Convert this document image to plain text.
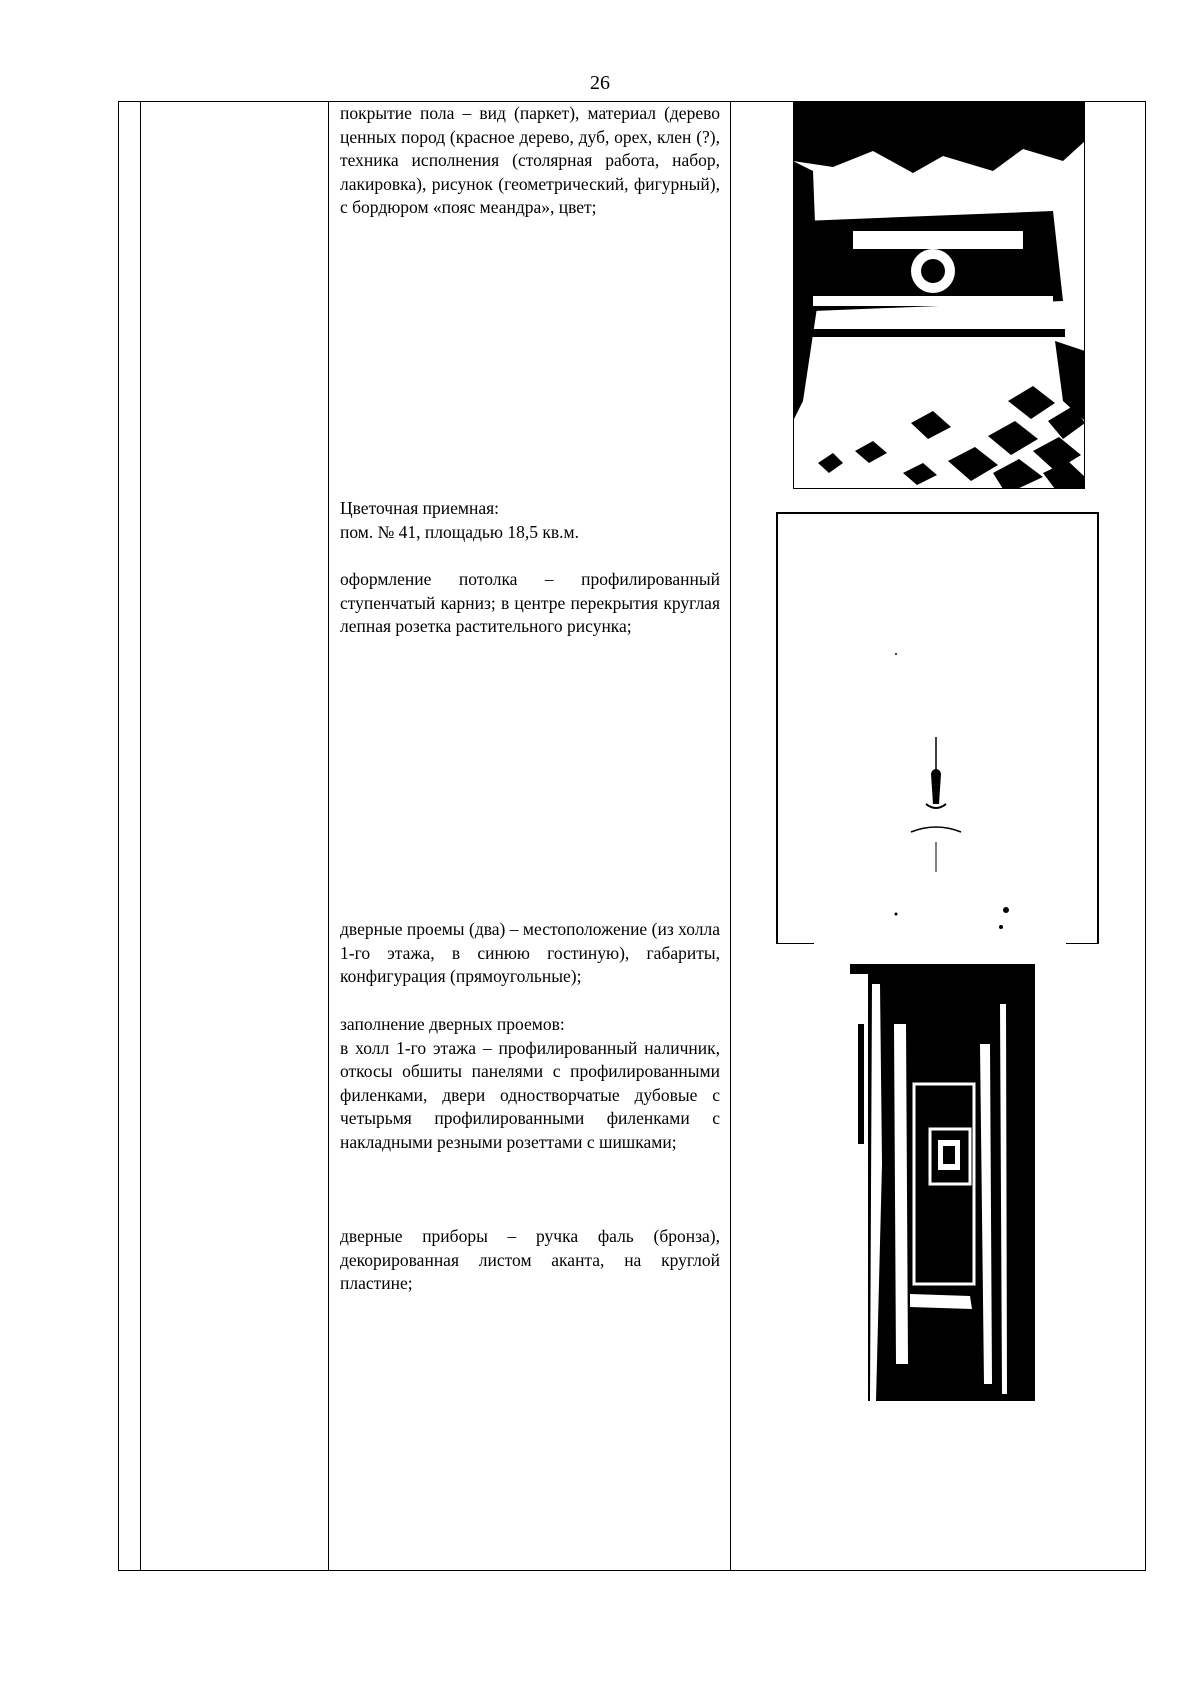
26

покрытие пола – вид (паркет), материал (дерево ценных пород (красное дерево, дуб, орех, клен (?), техника исполнения (столярная работа, набор, лакировка), рисунок (геометрический, фигурный), с бордюром «пояс меандра», цвет;

Цветочная приемная:

пом. № 41, площадью 18,5 кв.м.

оформление потолка – профилированный ступенчатый карниз; в центре перекрытия круглая лепная розетка растительного рисунка;

дверные проемы (два) – местоположение (из холла 1-го этажа, в синюю гостиную), габариты, конфигурация (прямоугольные);

заполнение дверных проемов:

в холл 1-го этажа – профилированный наличник, откосы обшиты панелями с профилированными филенками, двери одностворчатые дубовые с четырьмя профилированными филенками с накладными резными розеттами с шишками;

дверные приборы – ручка фаль (бронза), декорированная листом аканта, на круглой пластине;
